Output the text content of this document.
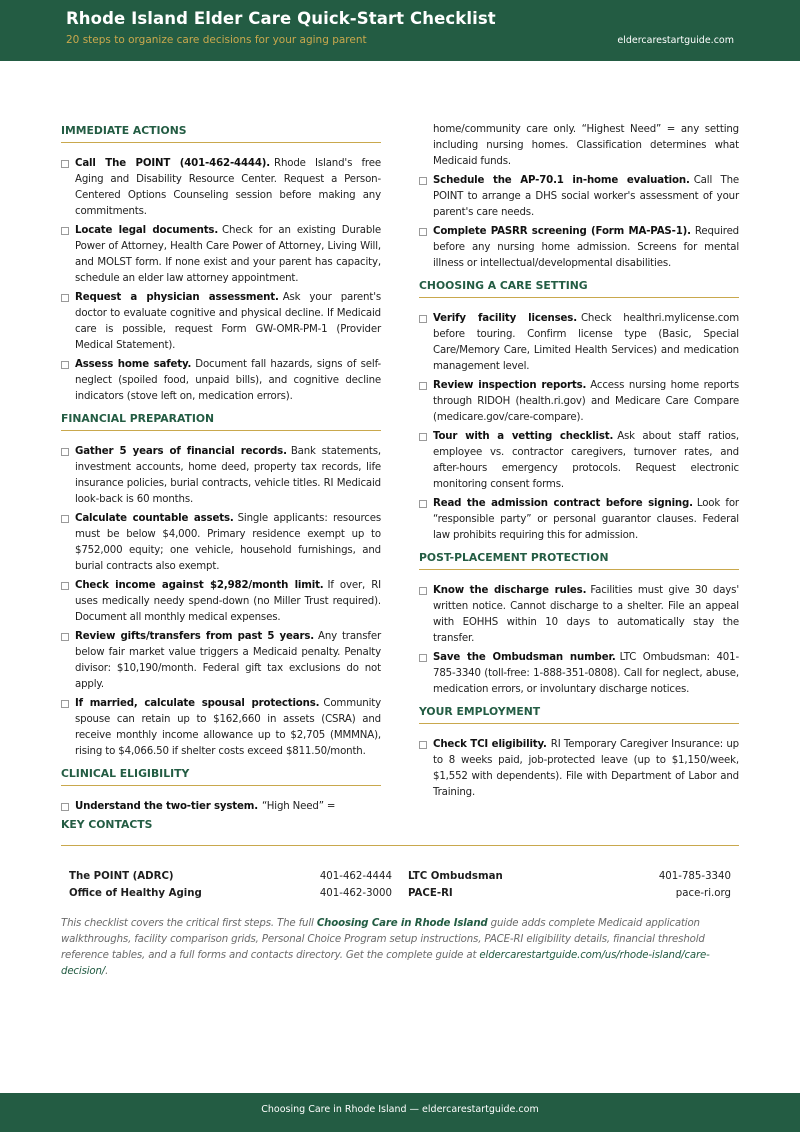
Rhode Island Elder Care Quick-Start Checklist
20 steps to organize care decisions for your aging parent	eldercarestartguide.com
IMMEDIATE ACTIONS
Call The POINT (401-462-4444). Rhode Island's free Aging and Disability Resource Center. Request a Person-Centered Options Counseling session before making any commitments.
Locate legal documents. Check for an existing Durable Power of Attorney, Health Care Power of Attorney, Living Will, and MOLST form. If none exist and your parent has capacity, schedule an elder law attorney appointment.
Request a physician assessment. Ask your parent's doctor to evaluate cognitive and physical decline. If Medicaid care is possible, request Form GW-OMR-PM-1 (Provider Medical Statement).
Assess home safety. Document fall hazards, signs of self-neglect (spoiled food, unpaid bills), and cognitive decline indicators (stove left on, medication errors).
FINANCIAL PREPARATION
Gather 5 years of financial records. Bank statements, investment accounts, home deed, property tax records, life insurance policies, burial contracts, vehicle titles. RI Medicaid look-back is 60 months.
Calculate countable assets. Single applicants: resources must be below $4,000. Primary residence exempt up to $752,000 equity; one vehicle, household furnishings, and burial contracts also exempt.
Check income against $2,982/month limit. If over, RI uses medically needy spend-down (no Miller Trust required). Document all monthly medical expenses.
Review gifts/transfers from past 5 years. Any transfer below fair market value triggers a Medicaid penalty. Penalty divisor: $10,190/month. Federal gift tax exclusions do not apply.
If married, calculate spousal protections. Community spouse can retain up to $162,660 in assets (CSRA) and receive monthly income allowance up to $2,705 (MMMNA), rising to $4,066.50 if shelter costs exceed $811.50/month.
CLINICAL ELIGIBILITY
Understand the two-tier system. “High Need” =
home/community care only. “Highest Need” = any setting including nursing homes. Classification determines what Medicaid funds.
Schedule the AP-70.1 in-home evaluation. Call The POINT to arrange a DHS social worker's assessment of your parent's care needs.
Complete PASRR screening (Form MA-PAS-1). Required before any nursing home admission. Screens for mental illness or intellectual/developmental disabilities.
CHOOSING A CARE SETTING
Verify facility licenses. Check healthri.mylicense.com before touring. Confirm license type (Basic, Special Care/Memory Care, Limited Health Services) and medication management level.
Review inspection reports. Access nursing home reports through RIDOH (health.ri.gov) and Medicare Care Compare (medicare.gov/care-compare).
Tour with a vetting checklist. Ask about staff ratios, employee vs. contractor caregivers, turnover rates, and after-hours emergency protocols. Request electronic monitoring consent forms.
Read the admission contract before signing. Look for “responsible party” or personal guarantor clauses. Federal law prohibits requiring this for admission.
POST-PLACEMENT PROTECTION
Know the discharge rules. Facilities must give 30 days' written notice. Cannot discharge to a shelter. File an appeal with EOHHS within 10 days to automatically stay the transfer.
Save the Ombudsman number. LTC Ombudsman: 401-785-3340 (toll-free: 1-888-351-0808). Call for neglect, abuse, medication errors, or involuntary discharge notices.
YOUR EMPLOYMENT
Check TCI eligibility. RI Temporary Caregiver Insurance: up to 8 weeks paid, job-protected leave (up to $1,150/week, $1,552 with dependents). File with Department of Labor and Training.
KEY CONTACTS
The POINT (ADRC)	401-462-4444 LTC Ombudsman	401-785-3340
Office of Healthy Aging	401-462-3000 PACE-RI	pace-ri.org
This checklist covers the critical first steps. The full Choosing Care in Rhode Island guide adds complete Medicaid application walkthroughs, facility comparison grids, Personal Choice Program setup instructions, PACE-RI eligibility details, financial threshold reference tables, and a full forms and contacts directory. Get the complete guide at eldercarestartguide.com/us/rhode-island/care-decision/.
Choosing Care in Rhode Island — eldercarestartguide.com
